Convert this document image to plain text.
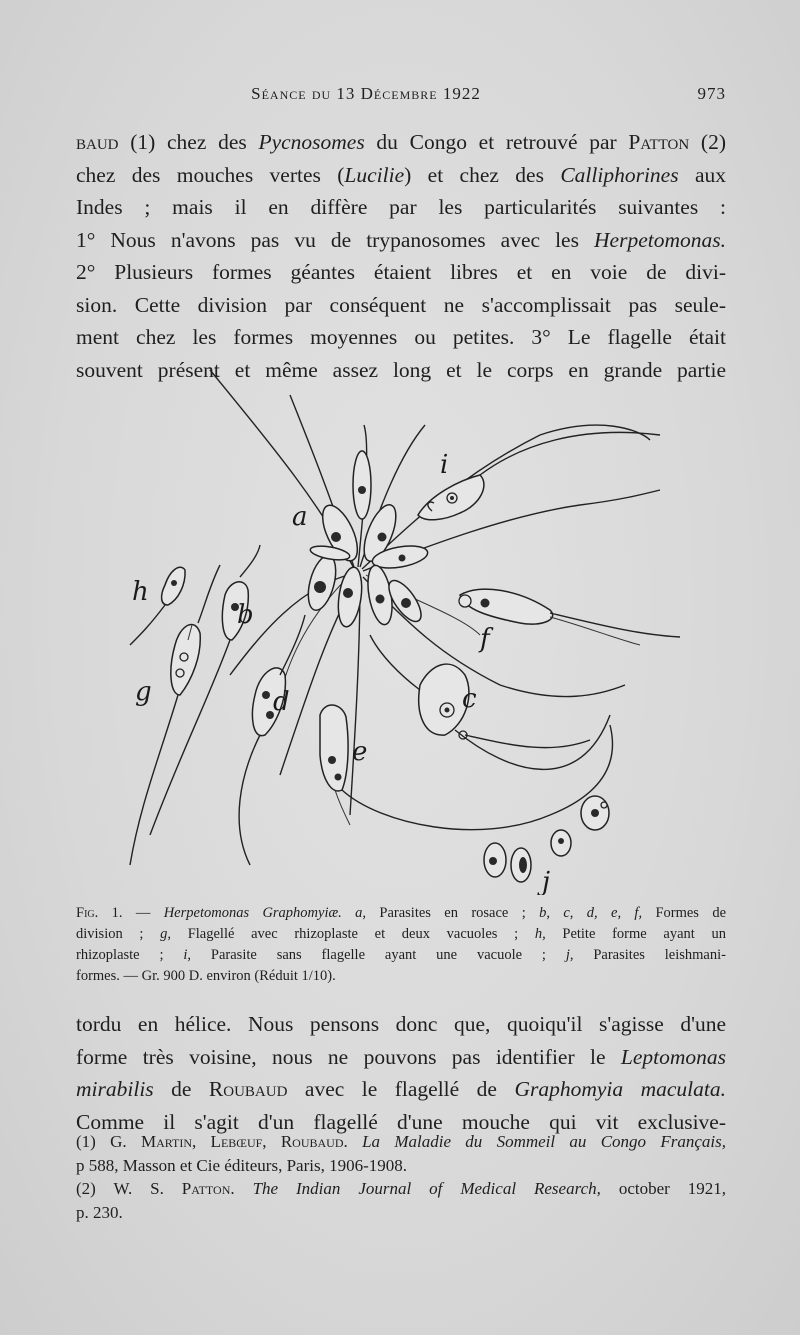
Séance du 13 Décembre 1922	973
baud (1) chez des Pycnosomes du Congo et retrouvé par Patton (2)
chez des mouches vertes (Lucilie) et chez des Calliphorines aux
Indes ; mais il en diffère par les particularités suivantes :
1° Nous n'avons pas vu de trypanosomes avec les Herpetomonas.
2° Plusieurs formes géantes étaient libres et en voie de divi-
sion. Cette division par conséquent ne s'accomplissait pas seule-
ment chez les formes moyennes ou petites. 3° Le flagelle était
souvent présent et même assez long et le corps en grande partie
a
b
c
d
e
f
g
h
i
j
Fig. 1. — Herpetomonas Graphomyiæ. a, Parasites en rosace ; b, c, d, e, f, Formes de
division ; g, Flagellé avec rhizoplaste et deux vacuoles ; h, Petite forme ayant un
rhizoplaste ; i, Parasite sans flagelle ayant une vacuole ; j, Parasites leishmani-
formes. — Gr. 900 D. environ (Réduit 1/10).
tordu en hélice. Nous pensons donc que, quoiqu'il s'agisse d'une
forme très voisine, nous ne pouvons pas identifier le Leptomonas
mirabilis de Roubaud avec le flagellé de Graphomyia maculata.
Comme il s'agit d'un flagellé d'une mouche qui vit exclusive-
(1) G. Martin, Lebœuf, Roubaud. La Maladie du Sommeil au Congo Français,
p 588, Masson et Cie éditeurs, Paris, 1906-1908.
(2) W. S. Patton. The Indian Journal of Medical Research, october 1921,
p. 230.
